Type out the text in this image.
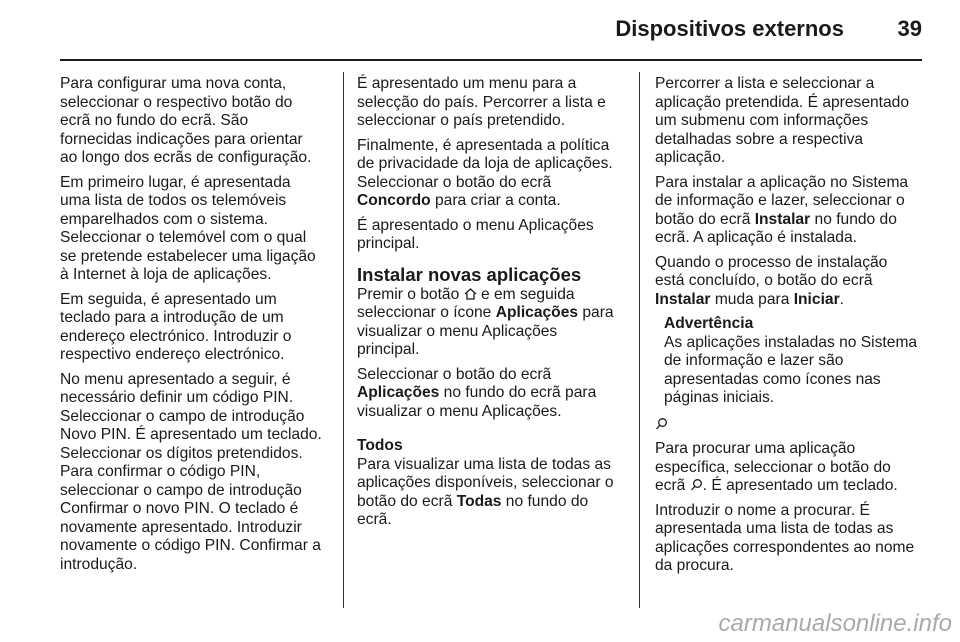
Dispositivos externos 39
Para configurar uma nova conta,
seleccionar o respectivo botão do
ecrã no fundo do ecrã. São
fornecidas indicações para orientar
ao longo dos ecrãs de configuração.
Em primeiro lugar, é apresentada
uma lista de todos os telemóveis
emparelhados com o sistema.
Seleccionar o telemóvel com o qual
se pretende estabelecer uma ligação
à Internet à loja de aplicações.
Em seguida, é apresentado um
teclado para a introdução de um
endereço electrónico. Introduzir o
respectivo endereço electrónico.
No menu apresentado a seguir, é
necessário definir um código PIN.
Seleccionar o campo de introdução
Novo PIN. É apresentado um teclado.
Seleccionar os dígitos pretendidos.
Para confirmar o código PIN,
seleccionar o campo de introdução
Confirmar o novo PIN. O teclado é
novamente apresentado. Introduzir
novamente o código PIN. Confirmar a
introdução.
É apresentado um menu para a
selecção do país. Percorrer a lista e
seleccionar o país pretendido.
Finalmente, é apresentada a política
de privacidade da loja de aplicações.
Seleccionar o botão do ecrã
Concordo para criar a conta.
É apresentado o menu Aplicações
principal.
Instalar novas aplicações
Premir o botão  e em seguida
seleccionar o ícone Aplicações para
visualizar o menu Aplicações
principal.
Seleccionar o botão do ecrã
Aplicações no fundo do ecrã para
visualizar o menu Aplicações.
Todos
Para visualizar uma lista de todas as
aplicações disponíveis, seleccionar o
botão do ecrã Todas no fundo do
ecrã.
Percorrer a lista e seleccionar a
aplicação pretendida. É apresentado
um submenu com informações
detalhadas sobre a respectiva
aplicação.
Para instalar a aplicação no Sistema
de informação e lazer, seleccionar o
botão do ecrã Instalar no fundo do
ecrã. A aplicação é instalada.
Quando o processo de instalação
está concluído, o botão do ecrã
Instalar muda para Iniciar.
Advertência
As aplicações instaladas no Sistema
de informação e lazer são
apresentadas como ícones nas
páginas iniciais.
Para procurar uma aplicação
específica, seleccionar o botão do
ecrã . É apresentado um teclado.
Introduzir o nome a procurar. É
apresentada uma lista de todas as
aplicações correspondentes ao nome
da procura.
carmanualsonline.info
